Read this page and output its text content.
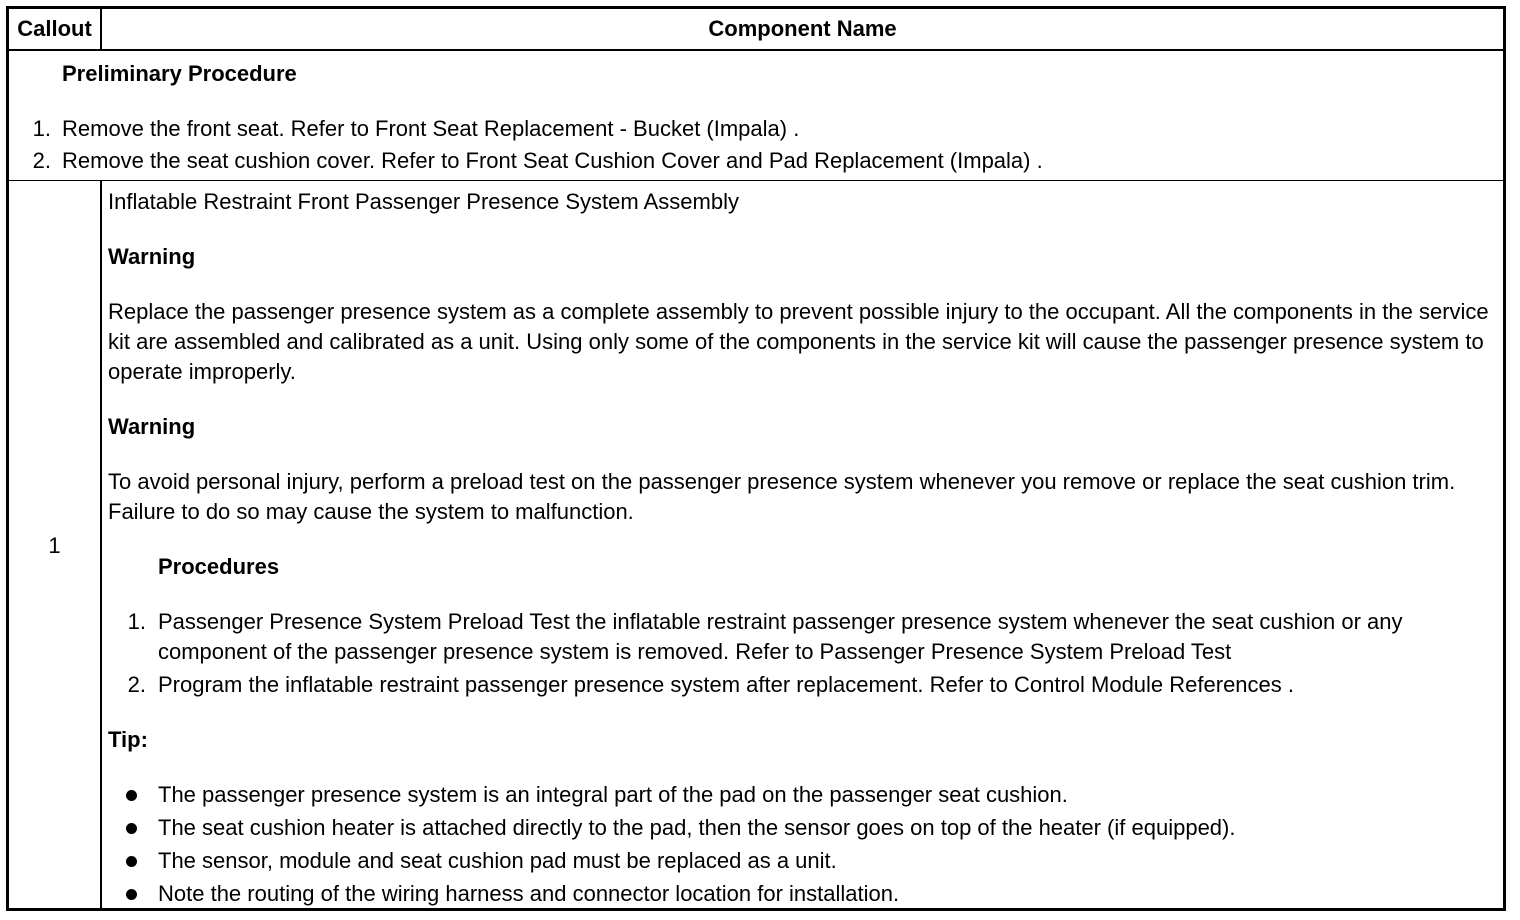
Callout	Component Name
Preliminary Procedure
1. Remove the front seat. Refer to Front Seat Replacement - Bucket (Impala) .
2. Remove the seat cushion cover. Refer to Front Seat Cushion Cover and Pad Replacement (Impala) .
1
Inflatable Restraint Front Passenger Presence System Assembly
Warning
Replace the passenger presence system as a complete assembly to prevent possible injury to the occupant. All the components in the service kit are assembled and calibrated as a unit. Using only some of the components in the service kit will cause the passenger presence system to operate improperly.
Warning
To avoid personal injury, perform a preload test on the passenger presence system whenever you remove or replace the seat cushion trim. Failure to do so may cause the system to malfunction.
Procedures
1. Passenger Presence System Preload Test the inflatable restraint passenger presence system whenever the seat cushion or any component of the passenger presence system is removed. Refer to Passenger Presence System Preload Test
2. Program the inflatable restraint passenger presence system after replacement. Refer to Control Module References .
Tip:
The passenger presence system is an integral part of the pad on the passenger seat cushion.
The seat cushion heater is attached directly to the pad, then the sensor goes on top of the heater (if equipped).
The sensor, module and seat cushion pad must be replaced as a unit.
Note the routing of the wiring harness and connector location for installation.
